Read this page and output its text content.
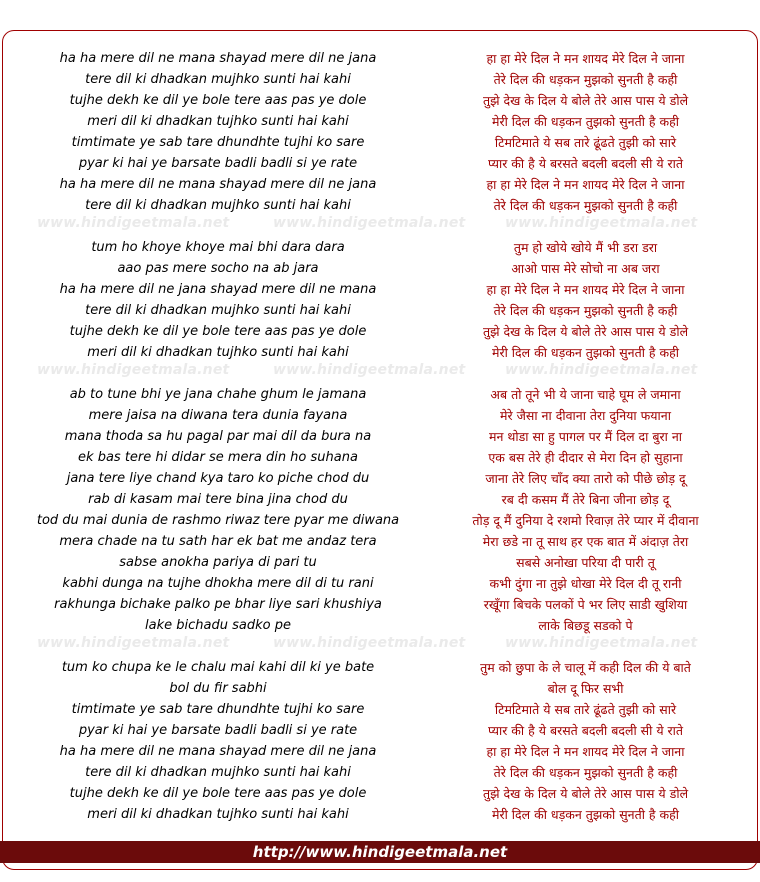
www.hindigeetmala.net	www.hindigeetmala.net	www.hindigeetmala.net
www.hindigeetmala.net	www.hindigeetmala.net	www.hindigeetmala.net
www.hindigeetmala.net	www.hindigeetmala.net	www.hindigeetmala.net
ha ha mere dil ne mana shayad mere dil ne jana
tere dil ki dhadkan mujhko sunti hai kahi
tujhe dekh ke dil ye bole tere aas pas ye dole
meri dil ki dhadkan tujhko sunti hai kahi
timtimate ye sab tare dhundhte tujhi ko sare
pyar ki hai ye barsate badli badli si ye rate
ha ha mere dil ne mana shayad mere dil ne jana
tere dil ki dhadkan mujhko sunti hai kahi
tum ho khoye khoye mai bhi dara dara
aao pas mere socho na ab jara
ha ha mere dil ne jana shayad mere dil ne mana
tere dil ki dhadkan mujhko sunti hai kahi
tujhe dekh ke dil ye bole tere aas pas ye dole
meri dil ki dhadkan tujhko sunti hai kahi
ab to tune bhi ye jana chahe ghum le jamana
mere jaisa na diwana tera dunia fayana
mana thoda sa hu pagal par mai dil da bura na
ek bas tere hi didar se mera din ho suhana
jana tere liye chand kya taro ko piche chod du
rab di kasam mai tere bina jina chod du
tod du mai dunia de rashmo riwaz tere pyar me diwana
mera chade na tu sath har ek bat me andaz tera
sabse anokha pariya di pari tu
kabhi dunga na tujhe dhokha mere dil di tu rani
rakhunga bichake palko pe bhar liye sari khushiya
lake bichadu sadko pe
tum ko chupa ke le chalu mai kahi dil ki ye bate
bol du fir sabhi
timtimate ye sab tare dhundhte tujhi ko sare
pyar ki hai ye barsate badli badli si ye rate
ha ha mere dil ne mana shayad mere dil ne jana
tere dil ki dhadkan mujhko sunti hai kahi
tujhe dekh ke dil ye bole tere aas pas ye dole
meri dil ki dhadkan tujhko sunti hai kahi
हा हा मेरे दिल ने मन शायद मेरे दिल ने जाना
तेरे दिल की धड़कन मुझको सुनती है कही
तुझे देख के दिल ये बोले तेरे आस पास ये डोले
मेरी दिल की धड़कन तुझको सुनती है कही
टिमटिमाते ये सब तारे ढूंढते तुझी को सारे
प्यार की है ये बरसते बदली बदली सी ये राते
हा हा मेरे दिल ने मन शायद मेरे दिल ने जाना
तेरे दिल की धड़कन मुझको सुनती है कही
तुम हो खोये खोये मैं भी डरा डरा
आओ पास मेरे सोचो ना अब जरा
हा हा मेरे दिल ने मन शायद मेरे दिल ने जाना
तेरे दिल की धड़कन मुझको सुनती है कही
तुझे देख के दिल ये बोले तेरे आस पास ये डोले
मेरी दिल की धड़कन तुझको सुनती है कही
अब तो तूने भी ये जाना चाहे घूम ले जमाना
मेरे जैसा ना दीवाना तेरा दुनिया फयाना
मन थोडा सा हु पागल पर मैं दिल दा बुरा ना
एक बस तेरे ही दीदार से मेरा दिन हो सुहाना
जाना तेरे लिए चाँद क्या तारो को पीछे छोड़ दू
रब दी कसम मैं तेरे बिना जीना छोड़ दू
तोड़ दू मैं दुनिया दे रशमो रिवाज़ तेरे प्यार में दीवाना
मेरा छडे ना तू साथ हर एक बात में अंदाज़ तेरा
सबसे अनोखा परिया दी पारी तू
कभी दुंगा ना तुझे धोखा मेरे दिल दी तू रानी
रखूँगा बिचके पलकों पे भर लिए साडी खुशिया
लाके बिछडू सडको पे
तुम को छुपा के ले चालू में कही दिल की ये बाते
बोल दू फिर सभी
टिमटिमाते ये सब तारे ढूंढते तुझी को सारे
प्यार की है ये बरसते बदली बदली सी ये राते
हा हा मेरे दिल ने मन शायद मेरे दिल ने जाना
तेरे दिल की धड़कन मुझको सुनती है कही
तुझे देख के दिल ये बोले तेरे आस पास ये डोले
मेरी दिल की धड़कन तुझको सुनती है कही
http://www.hindigeetmala.net
